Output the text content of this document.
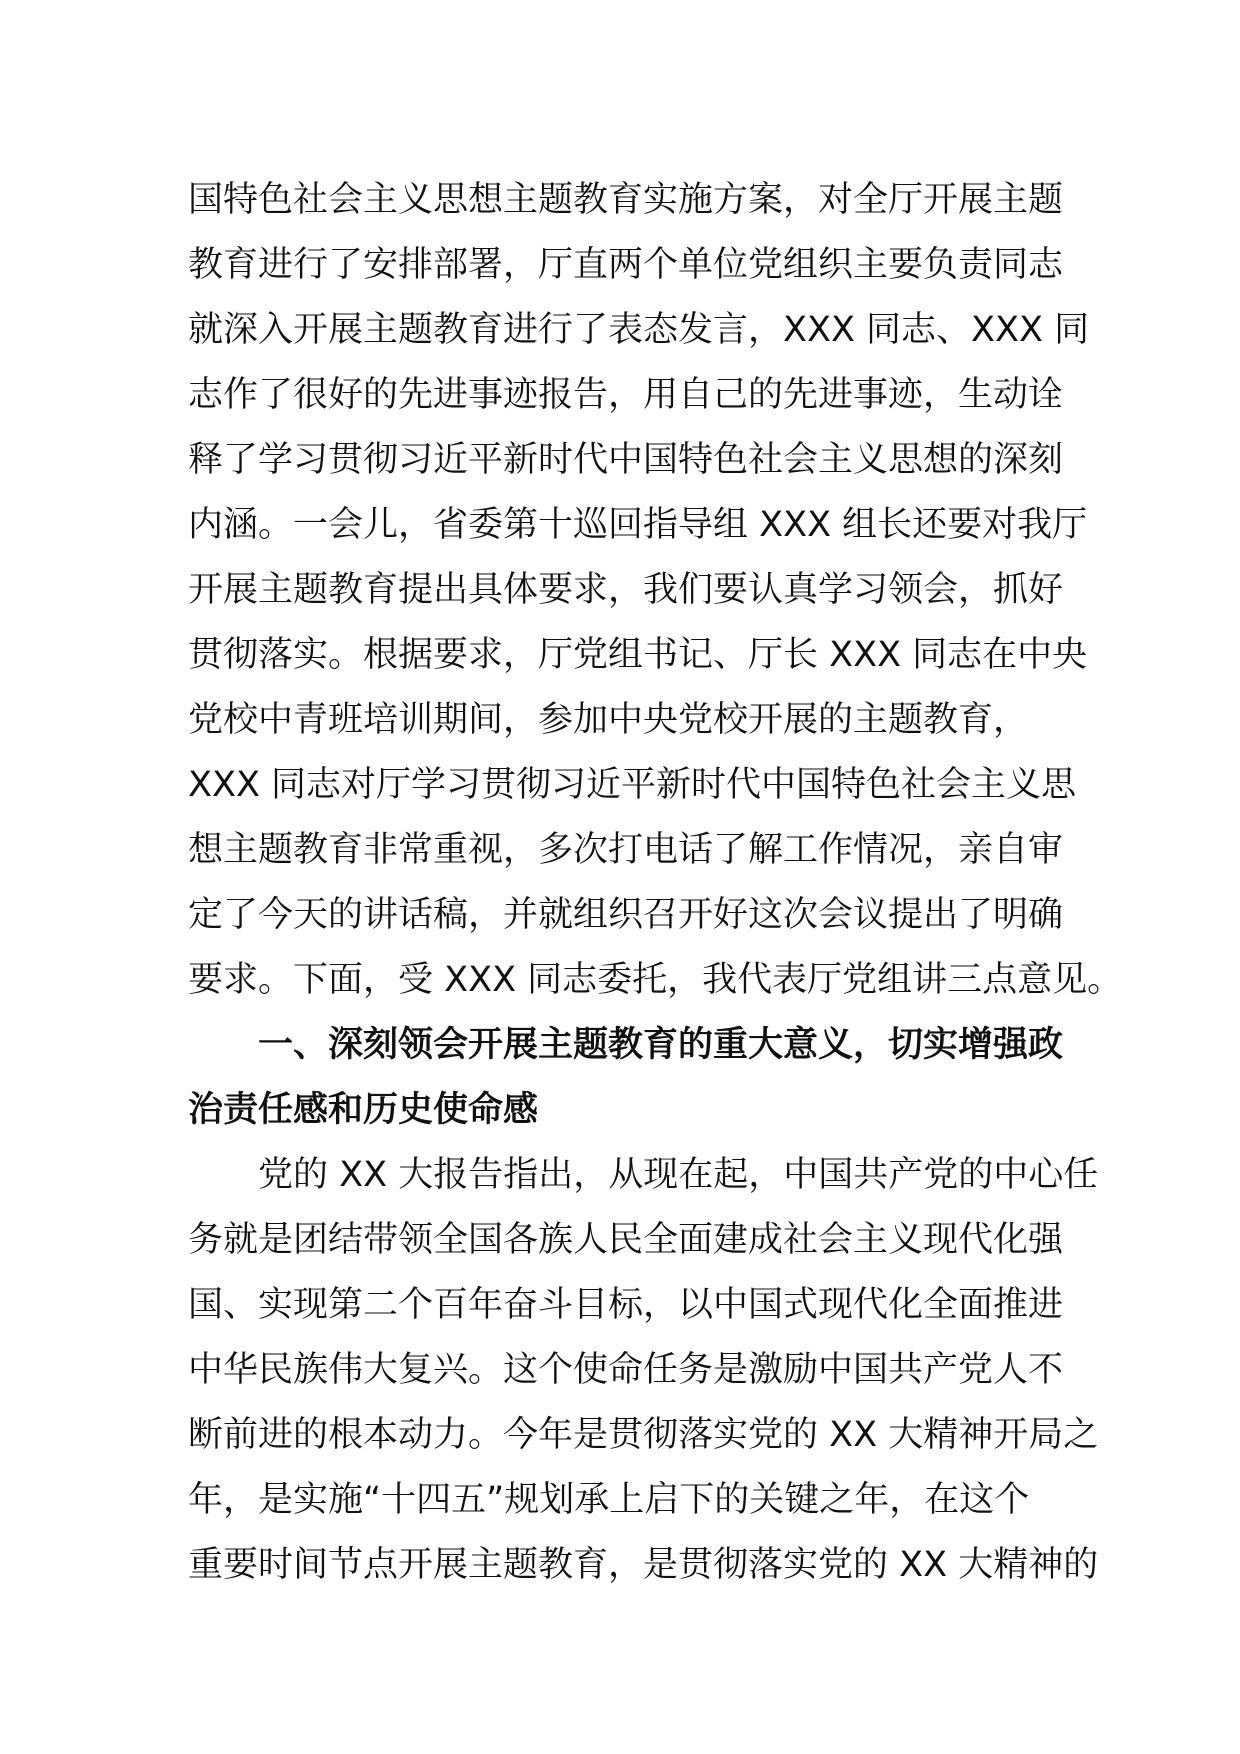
国特色社会主义思想主题教育实施方案，对全厅开展主题
教育进行了安排部署，厅直两个单位党组织主要负责同志
就深入开展主题教育进行了表态发言，XXX 同志、XXX 同
志作了很好的先进事迹报告，用自己的先进事迹，生动诠
释了学习贯彻习近平新时代中国特色社会主义思想的深刻
内涵。一会儿，省委第十巡回指导组 XXX 组长还要对我厅
开展主题教育提出具体要求，我们要认真学习领会，抓好
贯彻落实。根据要求，厅党组书记、厅长 XXX 同志在中央
党校中青班培训期间，参加中央党校开展的主题教育，
XXX 同志对厅学习贯彻习近平新时代中国特色社会主义思
想主题教育非常重视，多次打电话了解工作情况，亲自审
定了今天的讲话稿，并就组织召开好这次会议提出了明确
要求。下面，受 XXX 同志委托，我代表厅党组讲三点意见。
一、深刻领会开展主题教育的重大意义，切实增强政
治责任感和历史使命感
党的 XX 大报告指出，从现在起，中国共产党的中心任
务就是团结带领全国各族人民全面建成社会主义现代化强
国、实现第二个百年奋斗目标，以中国式现代化全面推进
中华民族伟大复兴。这个使命任务是激励中国共产党人不
断前进的根本动力。今年是贯彻落实党的 XX 大精神开局之
年，是实施“十四五”规划承上启下的关键之年，在这个
重要时间节点开展主题教育，是贯彻落实党的 XX 大精神的
